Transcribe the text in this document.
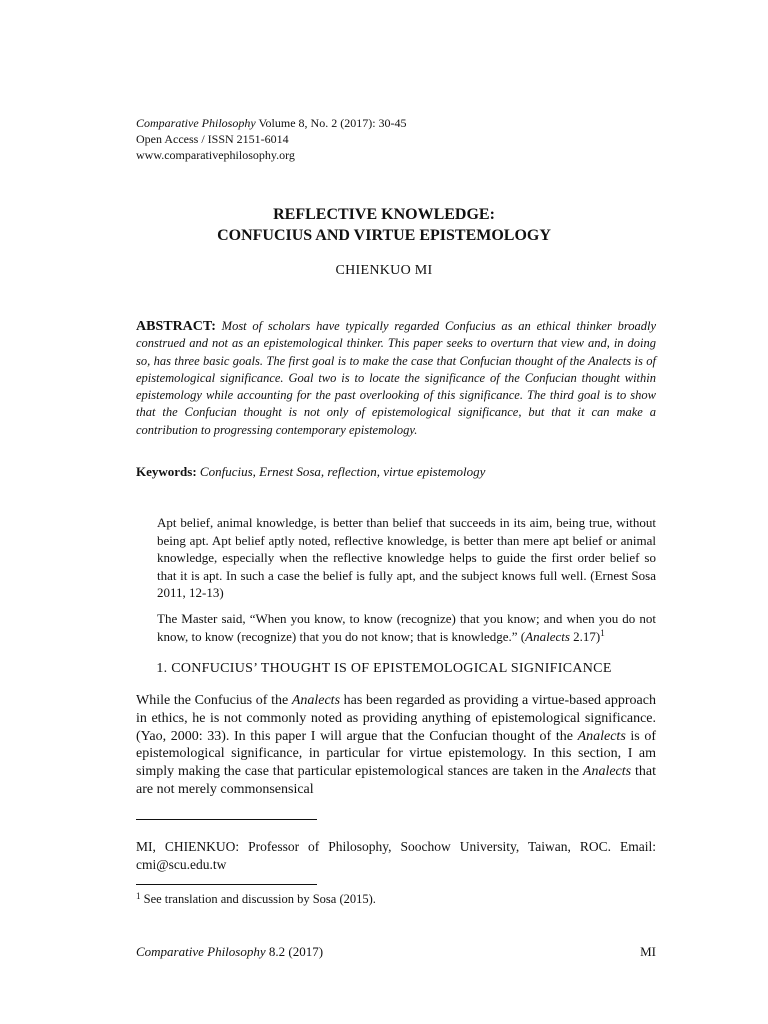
Comparative Philosophy Volume 8, No. 2 (2017): 30-45
Open Access / ISSN 2151-6014
www.comparativephilosophy.org
REFLECTIVE KNOWLEDGE:
CONFUCIUS AND VIRTUE EPISTEMOLOGY
CHIENKUO MI
ABSTRACT: Most of scholars have typically regarded Confucius as an ethical thinker broadly construed and not as an epistemological thinker. This paper seeks to overturn that view and, in doing so, has three basic goals. The first goal is to make the case that Confucian thought of the Analects is of epistemological significance. Goal two is to locate the significance of the Confucian thought within epistemology while accounting for the past overlooking of this significance. The third goal is to show that the Confucian thought is not only of epistemological significance, but that it can make a contribution to progressing contemporary epistemology.
Keywords: Confucius, Ernest Sosa, reflection, virtue epistemology
Apt belief, animal knowledge, is better than belief that succeeds in its aim, being true, without being apt. Apt belief aptly noted, reflective knowledge, is better than mere apt belief or animal knowledge, especially when the reflective knowledge helps to guide the first order belief so that it is apt. In such a case the belief is fully apt, and the subject knows full well. (Ernest Sosa 2011, 12-13)
The Master said, “When you know, to know (recognize) that you know; and when you do not know, to know (recognize) that you do not know; that is knowledge.” (Analects 2.17)$^1$
1. CONFUCIUS’ THOUGHT IS OF EPISTEMOLOGICAL SIGNIFICANCE
While the Confucius of the Analects has been regarded as providing a virtue-based approach in ethics, he is not commonly noted as providing anything of epistemological significance. (Yao, 2000: 33). In this paper I will argue that the Confucian thought of the Analects is of epistemological significance, in particular for virtue epistemology. In this section, I am simply making the case that particular epistemological stances are taken in the Analects that are not merely commonsensical
MI, CHIENKUO: Professor of Philosophy, Soochow University, Taiwan, ROC. Email: cmi@scu.edu.tw
$^1$ See translation and discussion by Sosa (2015).
Comparative Philosophy 8.2 (2017)	MI
